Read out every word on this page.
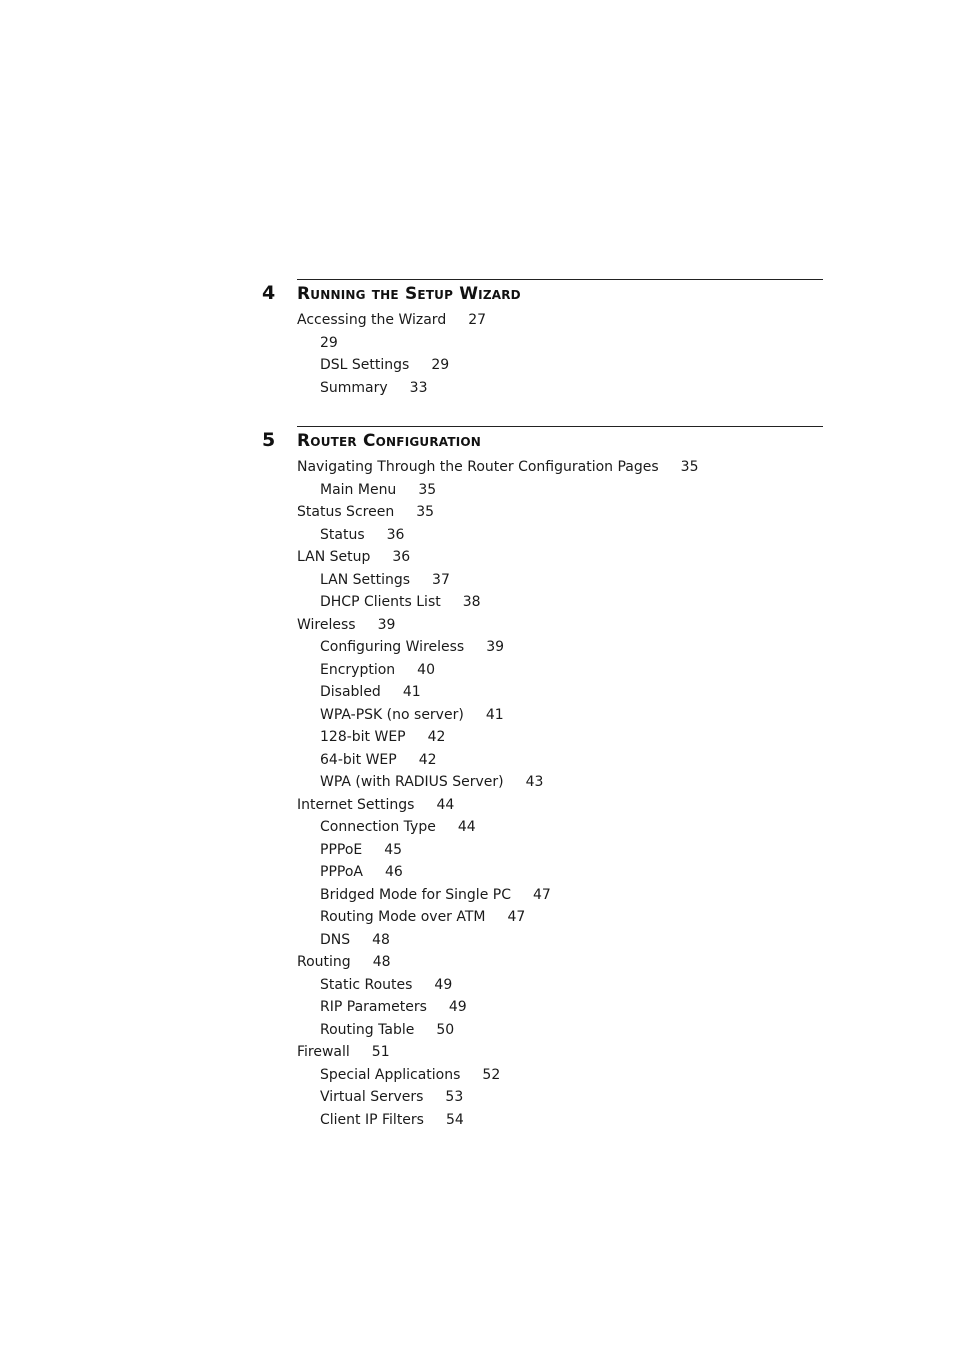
4 Running the Setup Wizard
Accessing the Wizard 27
29
DSL Settings 29
Summary 33
5 Router Configuration
Navigating Through the Router Configuration Pages 35
Main Menu 35
Status Screen 35
Status 36
LAN Setup 36
LAN Settings 37
DHCP Clients List 38
Wireless 39
Configuring Wireless 39
Encryption 40
Disabled 41
WPA-PSK (no server) 41
128-bit WEP 42
64-bit WEP 42
WPA (with RADIUS Server) 43
Internet Settings 44
Connection Type 44
PPPoE 45
PPPoA 46
Bridged Mode for Single PC 47
Routing Mode over ATM 47
DNS 48
Routing 48
Static Routes 49
RIP Parameters 49
Routing Table 50
Firewall 51
Special Applications 52
Virtual Servers 53
Client IP Filters 54
